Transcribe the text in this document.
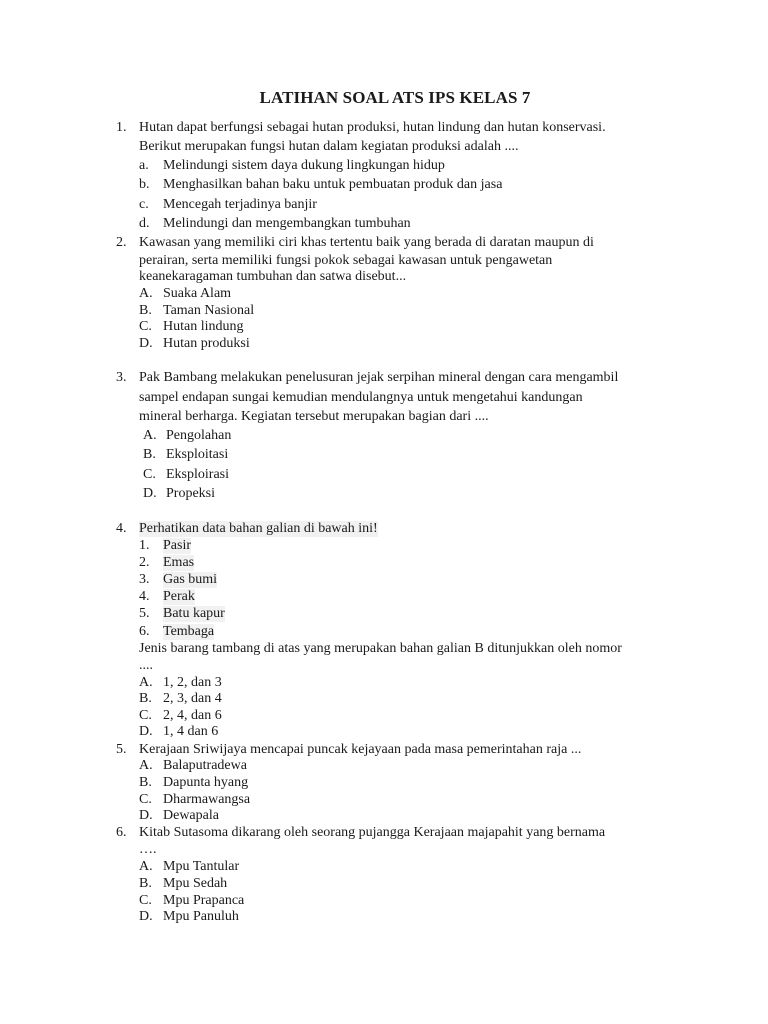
LATIHAN SOAL ATS IPS KELAS 7
1. Hutan dapat berfungsi sebagai hutan produksi, hutan lindung dan hutan konservasi.
Berikut merupakan fungsi hutan dalam kegiatan produksi adalah ....
a. Melindungi sistem daya dukung lingkungan hidup
b. Menghasilkan bahan baku untuk pembuatan produk dan jasa
c. Mencegah terjadinya banjir
d. Melindungi dan mengembangkan tumbuhan
2. Kawasan yang memiliki ciri khas tertentu baik yang berada di daratan maupun di
perairan, serta memiliki fungsi pokok sebagai kawasan untuk pengawetan
keanekaragaman tumbuhan dan satwa disebut...
A. Suaka Alam
B. Taman Nasional
C. Hutan lindung
D. Hutan produksi
3. Pak Bambang melakukan penelusuran jejak serpihan mineral dengan cara mengambil
sampel endapan sungai kemudian mendulangnya untuk mengetahui kandungan
mineral berharga. Kegiatan tersebut merupakan bagian dari ....
A. Pengolahan
B. Eksploitasi
C. Eksploirasi
D. Propeksi
4. Perhatikan data bahan galian di bawah ini!
1. Pasir
2. Emas
3. Gas bumi
4. Perak
5. Batu kapur
6. Tembaga
Jenis barang tambang di atas yang merupakan bahan galian B ditunjukkan oleh nomor
....
A. 1, 2, dan 3
B. 2, 3, dan 4
C. 2, 4, dan 6
D. 1, 4 dan 6
5. Kerajaan Sriwijaya mencapai puncak kejayaan pada masa pemerintahan raja ...
A. Balaputradewa
B. Dapunta hyang
C. Dharmawangsa
D. Dewapala
6. Kitab Sutasoma dikarang oleh seorang pujangga Kerajaan majapahit yang bernama
….
A. Mpu Tantular
B. Mpu Sedah
C. Mpu Prapanca
D. Mpu Panuluh
